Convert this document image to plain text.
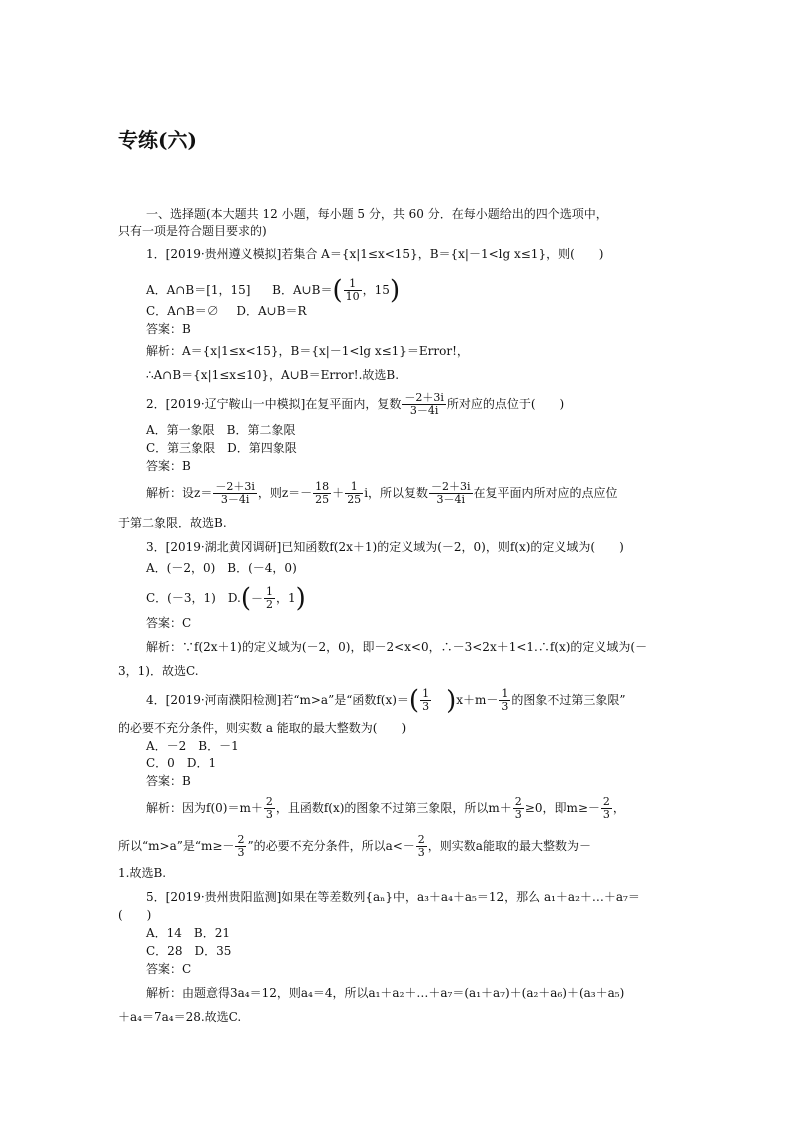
专练(六)
一、选择题(本大题共 12 小题，每小题 5 分，共 60 分．在每小题给出的四个选项中，
只有一项是符合题目要求的)
1．[2019·贵州遵义模拟]若集合 A＝{x|1≤x<15}，B＝{x|－1<lg x≤1}，则(　　)
A．A∩B＝[1，15] B．A∪B＝( $\frac{1}{10}$ ，15)
C．A∩B＝∅ D．A∪B＝R
答案：B
解析：A＝{x|1≤x<15}，B＝{x|－1<lg x≤1}＝Error!，
∴A∩B＝{x|1≤x≤10}，A∪B＝Error!.故选B.
2．[2019·辽宁鞍山一中模拟]在复平面内，复数 $\frac{-2+3i}{3-4i}$ 所对应的点位于(　　)
A．第一象限　B．第二象限
C．第三象限　D．第四象限
答案：B
解析：设$z= \frac{-2+3i}{3-4i}$ ，则$z=- \frac{18}{25} + \frac{1}{25}$ i，所以复数 $\frac{-2+3i}{3-4i}$ 在复平面内所对应的点应位
于第二象限．故选B.
3．[2019·湖北黄冈调研]已知函数f(2x＋1)的定义域为(－2，0)，则f(x)的定义域为(　　)
A．(－2，0)　B．(－4，0)
C．(－3，1)　$D.(- \frac{1}{2}$ ，1)
答案：C
解析：∵f(2x＋1)的定义域为(－2，0)，即－2<x<0，∴－3<2x＋1<1.∴f(x)的定义域为(－
3，1)．故选C.
4．[2019·河南濮阳检测]若“m>a”是“函数$f(x)=( \frac{1}{3} )x+m- \frac{1}{3}$ 的图象不过第三象限”
的必要不充分条件，则实数 a 能取的最大整数为(　　)
A．－2　B．－1
C．0　D．1
答案：B
解析：因为$f(0)=m+ \frac{2}{3}$ ，且函数f(x)的图象不过第三象限，所以$m+ \frac{2}{3} \ge 0$，即$m\ge- \frac{2}{3}$ ，
所以“m>a”是“$m\ge- \frac{2}{3}$ ”的必要不充分条件，所以$a<- \frac{2}{3}$ ，则实数a能取的最大整数为－
1.故选B.
5．[2019·贵州贵阳监测]如果在等差数列{aₙ}中，a₃＋a₄＋a₅＝12，那么 a₁＋a₂＋…＋a₇＝
(　　)
A．14　B．21
C．28　D．35
答案：C
解析：由题意得3a₄＝12，则a₄＝4，所以a₁＋a₂＋…＋a₇＝(a₁＋a₇)＋(a₂＋a₆)＋(a₃＋a₅)
＋a₄＝7a₄＝28.故选C.
